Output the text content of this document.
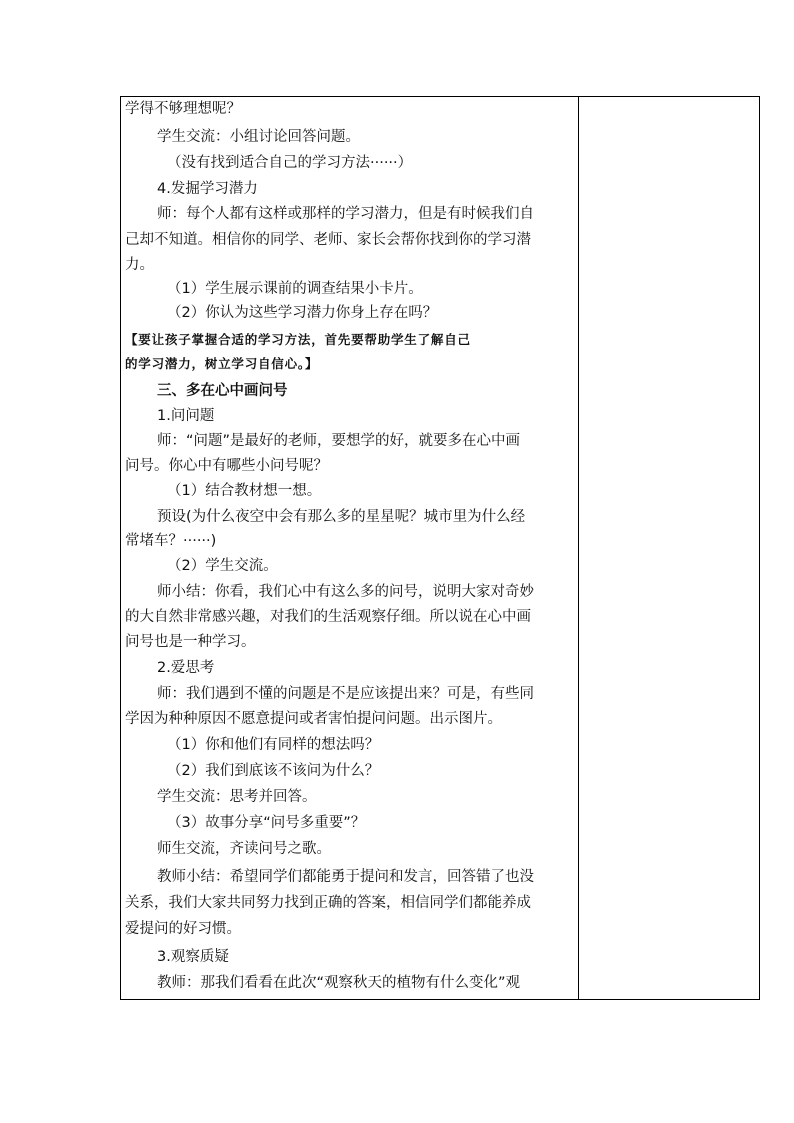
学得不够理想呢？
学生交流：小组讨论回答问题。
（没有找到适合自己的学习方法······）
4.发掘学习潜力
师：每个人都有这样或那样的学习潜力，但是有时候我们自
己却不知道。相信你的同学、老师、家长会帮你找到你的学习潜
力。
（1）学生展示课前的调查结果小卡片。
（2）你认为这些学习潜力你身上存在吗？
【要让孩子掌握合适的学习方法，首先要帮助学生了解自己
的学习潜力，树立学习自信心。】
三、多在心中画问号
1.问问题
师：“问题”是最好的老师，要想学的好，就要多在心中画
问号。你心中有哪些小问号呢？
（1）结合教材想一想。
预设(为什么夜空中会有那么多的星星呢？城市里为什么经
常堵车？······)
（2）学生交流。
师小结：你看，我们心中有这么多的问号，说明大家对奇妙
的大自然非常感兴趣，对我们的生活观察仔细。所以说在心中画
问号也是一种学习。
2.爱思考
师：我们遇到不懂的问题是不是应该提出来？可是，有些同
学因为种种原因不愿意提问或者害怕提问问题。出示图片。
（1）你和他们有同样的想法吗？
（2）我们到底该不该问为什么？
学生交流：思考并回答。
（3）故事分享“问号多重要”？
师生交流，齐读问号之歌。
教师小结：希望同学们都能勇于提问和发言，回答错了也没
关系，我们大家共同努力找到正确的答案，相信同学们都能养成
爱提问的好习惯。
3.观察质疑
教师：那我们看看在此次“观察秋天的植物有什么变化”观
